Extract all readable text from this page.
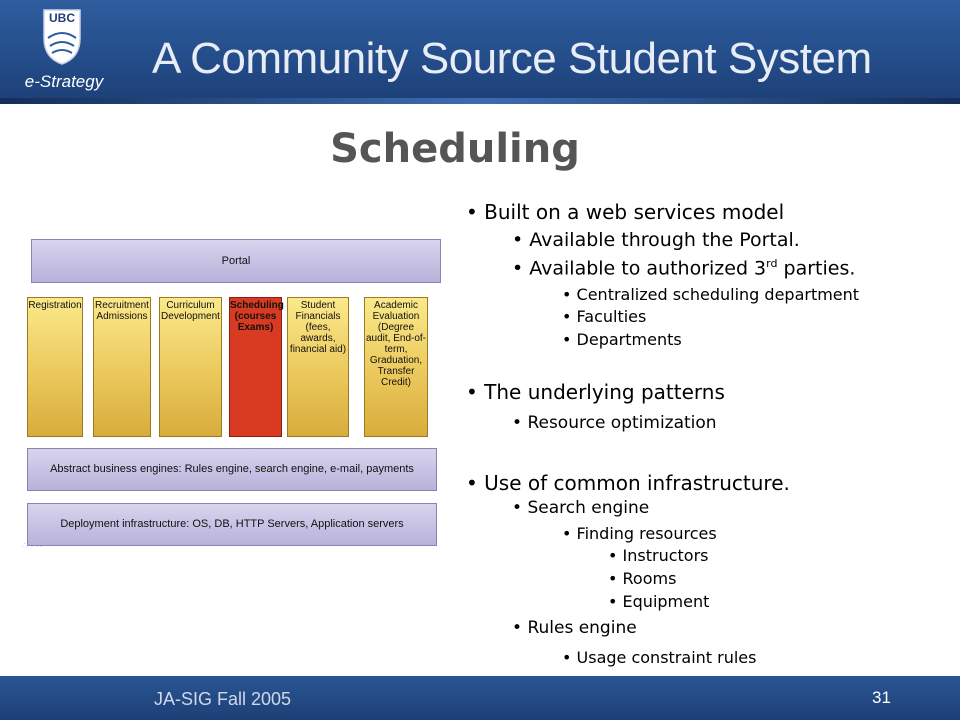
UBC
e-Strategy A Community Source Student System
Scheduling
Portal
Registration Recruitment Admissions
Curriculum Development
Scheduling (courses Exams)
Student Financials (fees, awards, financial aid)
Academic Evaluation (Degree audit, End-of-term, Graduation, Transfer Credit)
Abstract business engines: Rules engine, search engine, e-mail, payments
Deployment infrastructure: OS, DB, HTTP Servers, Application servers
∴ ∵ ∴
• Built on a web services model
• Available through the Portal.
• Available to authorized 3rd parties.
• Centralized scheduling department
• Faculties
• Departments
• The underlying patterns
• Resource optimization
• Use of common infrastructure.
• Search engine
• Finding resources
• Instructors
• Rooms
• Equipment
• Rules engine
• Usage constraint rules
JA-SIG Fall 2005	31
